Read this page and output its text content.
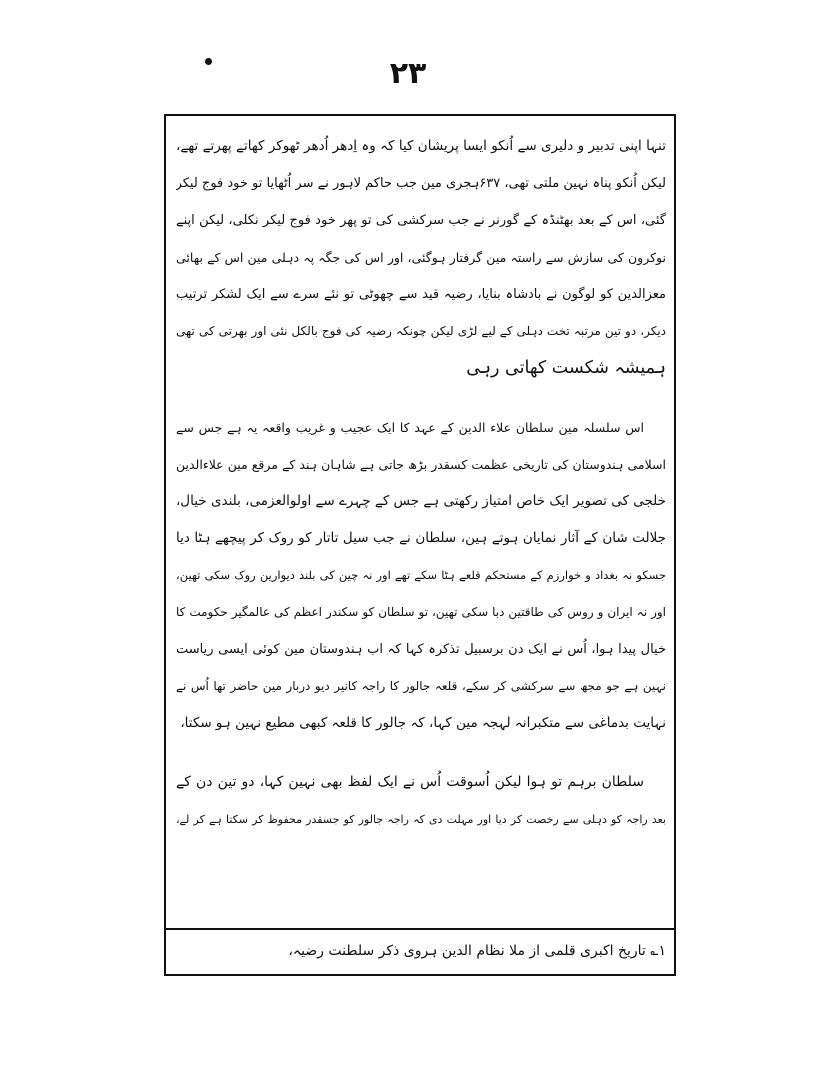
۲۳
تنہا اپنی تدبیر و دلیری سے اُنکو ایسا پریشان کیا کہ وہ اِدھر اُدھر ٹھوکر کھاتے پھرتے تھے،
لیکن اُنکو پناہ نہین ملتی تھی، ۶۳۷ہجری مین جب حاکم لاہور نے سر اُٹھایا تو خود فوج لیکر
گئی، اس کے بعد بھٹنڈہ کے گورنر نے جب سرکشی کی تو پھر خود فوج لیکر نکلی، لیکن اپنے
نوکرون کی سازش سے راستہ مین گرفتار ہوگئی، اور اس کی جگہ پہ دہلی مین اس کے بھائی
معزالدین کو لوگون نے بادشاہ بنایا، رضیہ قید سے چھوٹی تو نئے سرے سے ایک لشکر ترتیب
دیکر، دو تین مرتبہ تخت دہلی کے لیے لڑی لیکن چونکہ رضیہ کی فوج بالکل نئی اور بھرتی کی تھی
ہمیشہ شکست کھاتی رہی
اس سلسلہ مین سلطان علاء الدین کے عہد کا ایک عجیب و غریب واقعہ یہ ہے جس سے
اسلامی ہندوستان کی تاریخی عظمت کسقدر بڑھ جاتی ہے شاہان ہند کے مرقع مین علاءالدین
خلجی کی تصویر ایک خاص امتیاز رکھتی ہے جس کے چہرے سے اولوالعزمی، بلندی خیال،
جلالت شان کے آثار نمایان ہوتے ہین، سلطان نے جب سیل تاتار کو روک کر پیچھے ہٹا دیا
جسکو نہ بغداد و خوارزم کے مستحکم قلعے ہٹا سکے تھے اور نہ چین کی بلند دیوارین روک سکی تھین،
اور نہ ایران و روس کی طاقتین دبا سکی تھین، تو سلطان کو سکندر اعظم کی عالمگیر حکومت کا
خیال پیدا ہوا، اُس نے ایک دن برسبیل تذکرہ کہا کہ اب ہندوستان مین کوئی ایسی ریاست
نہین ہے جو مجھ سے سرکشی کر سکے، قلعہ جالور کا راجہ کانیر دیو دربار مین حاضر تھا اُس نے
نہایت بدماغی سے متکبرانہ لہجہ مین کہا، کہ جالور کا قلعہ کبھی مطیع نہین ہو سکتا،
سلطان برہم تو ہوا لیکن اُسوقت اُس نے ایک لفظ بھی نہین کہا، دو تین دن کے
بعد راجہ کو دہلی سے رخصت کر دیا اور مہلت دی کہ راجہ جالور کو جسقدر محفوظ کر سکتا ہے کر لے،
۱؎ تاریخ اکبری قلمی از ملا نظام الدین ہروی ذکر سلطنت رضیہ،
